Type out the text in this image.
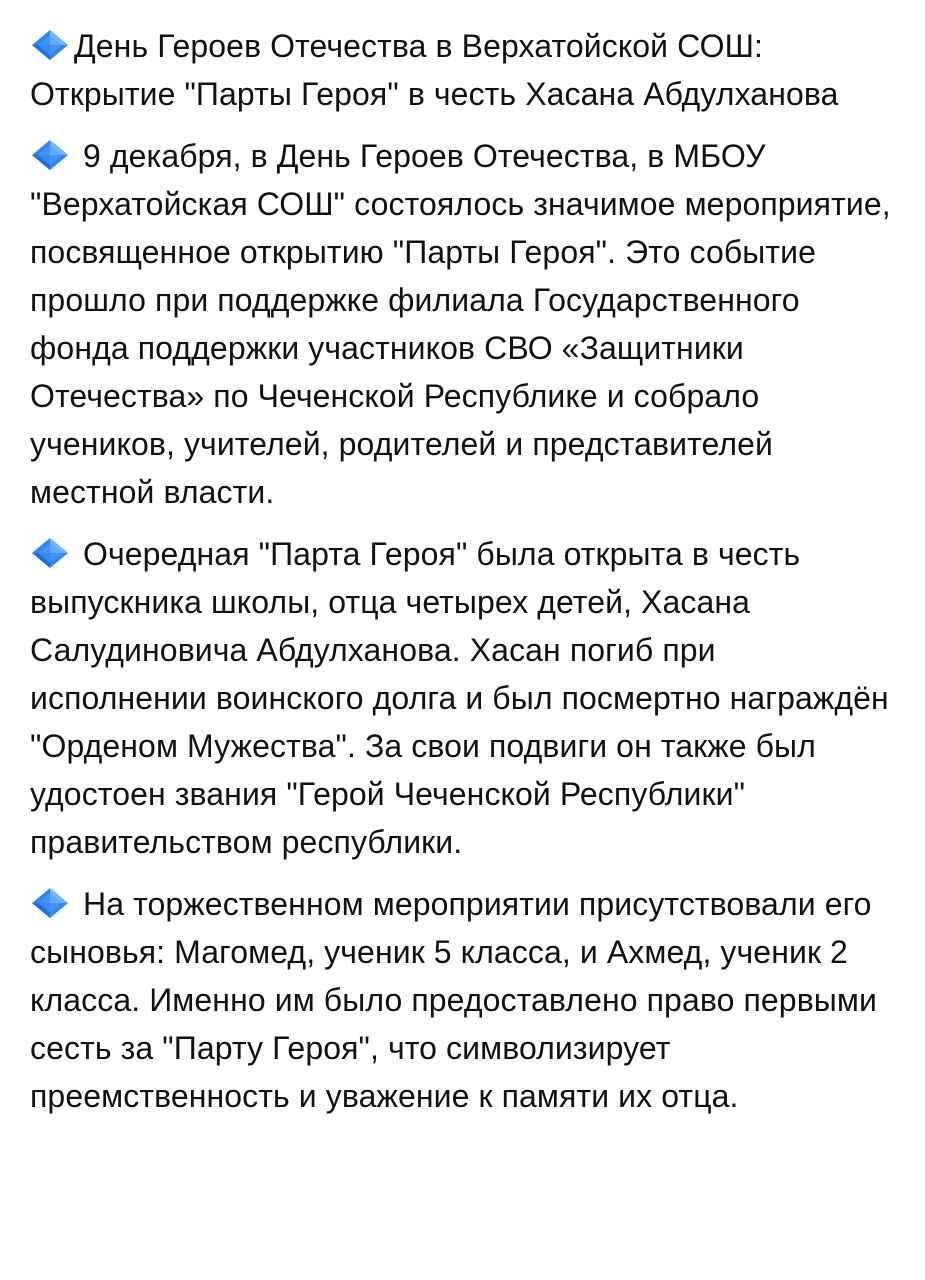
День Героев Отечества в Верхатойской СОШ: Открытие "Парты Героя" в честь Хасана Абдулханова

9 декабря, в День Героев Отечества, в МБОУ "Верхатойская СОШ" состоялось значимое мероприятие, посвященное открытию "Парты Героя". Это событие прошло при поддержке филиала Государственного фонда поддержки участников СВО «Защитники Отечества» по Чеченской Республике и собрало учеников, учителей, родителей и представителей местной власти.

Очередная "Парта Героя" была открыта в честь выпускника школы, отца четырех детей, Хасана Салудиновича Абдулханова. Хасан погиб при исполнении воинского долга и был посмертно награждён "Орденом Мужества". За свои подвиги он также был удостоен звания "Герой Чеченской Республики" правительством республики.

На торжественном мероприятии присутствовали его сыновья: Магомед, ученик 5 класса, и Ахмед, ученик 2 класса. Именно им было предоставлено право первыми сесть за "Парту Героя", что символизирует преемственность и уважение к памяти их отца.
